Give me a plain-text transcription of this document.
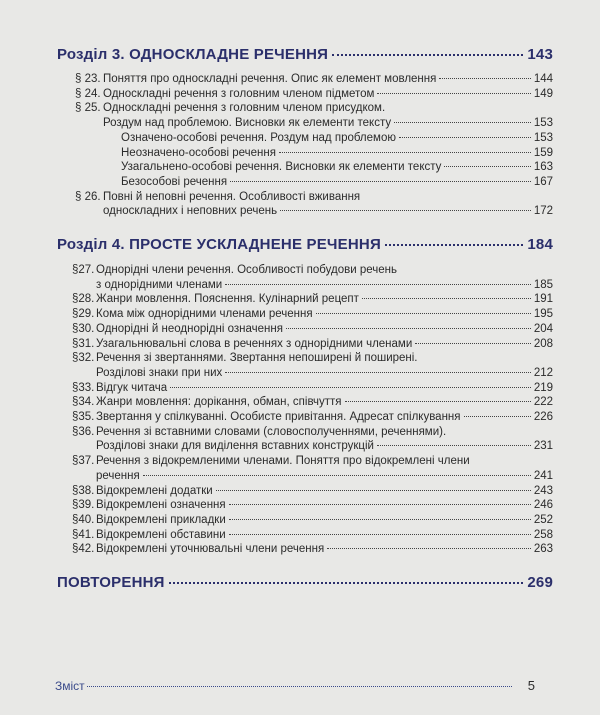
Розділ 3. ОДНОСКЛАДНЕ РЕЧЕННЯ	143
§ 23. Поняття про односкладні речення. Опис як елемент мовлення	144
§ 24. Односкладні речення з головним членом підметом	149
§ 25. Односкладні речення з головним членом присудком.
Роздум над проблемою. Висновки як елементи тексту	153
Означено-особові речення. Роздум над проблемою	153
Неозначено-особові речення	159
Узагальнено-особові речення. Висновки як елементи тексту	163
Безособові речення	167
§ 26. Повні й неповні речення. Особливості вживання
односкладних і неповних речень	172
Розділ 4. ПРОСТЕ УСКЛАДНЕНЕ РЕЧЕННЯ	184
§27. Однорідні члени речення. Особливості побудови речень
з однорідними членами	185
§28. Жанри мовлення. Пояснення. Кулінарний рецепт	191
§29. Кома між однорідними членами речення	195
§30. Однорідні й неоднорідні означення	204
§31. Узагальнювальні слова в реченнях з однорідними членами	208
§32. Речення зі звертаннями. Звертання непоширені й поширені.
Розділові знаки при них	212
§33. Відгук читача	219
§34. Жанри мовлення: дорікання, обман, співчуття	222
§35. Звертання у спілкуванні. Особисте привітання. Адресат спілкування	226
§36. Речення зі вставними словами (словосполученнями, реченнями).
Розділові знаки для виділення вставних конструкцій	231
§37. Речення з відокремленими членами. Поняття про відокремлені члени
речення	241
§38. Відокремлені додатки	243
§39. Відокремлені означення	246
§40. Відокремлені прикладки	252
§41. Відокремлені обставини	258
§42. Відокремлені уточнювальні члени речення	263
ПОВТОРЕННЯ	269
Зміст	5
